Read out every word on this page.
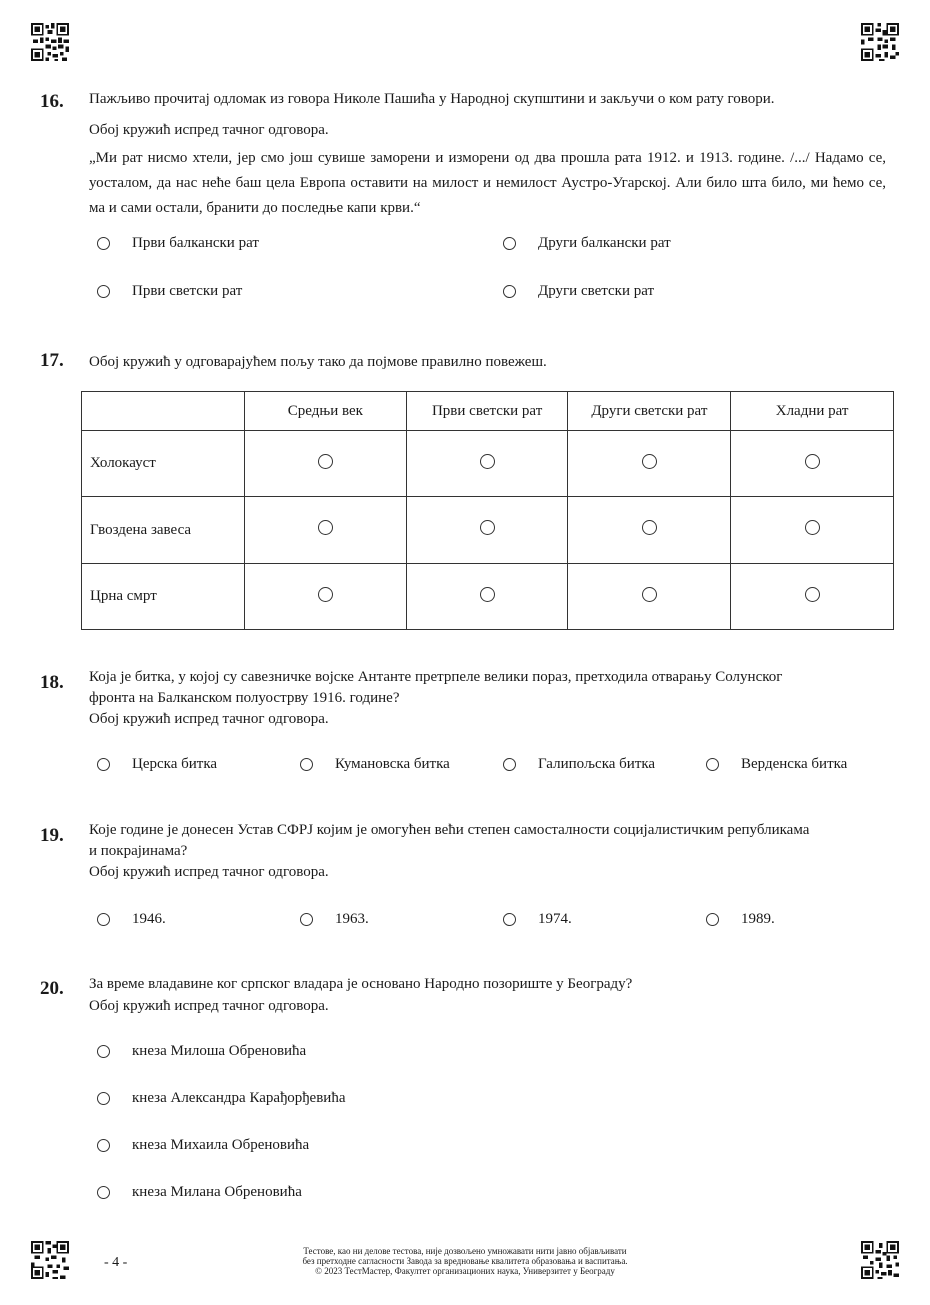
16. Пажљиво прочитај одломак из говора Николе Пашића у Народној скупштини и закључи о ком рату говори.
Обој кружић испред тачног одговора.
„Ми рат нисмо хтели, јер смо још сувише заморени и изморени од два прошла рата 1912. и 1913. године. /.../ Надамо се, уосталом, да нас неће баш цела Европа оставити на милост и немилост Аустро-Угарској. Али било шта било, ми ћемо се, ма и сами остали, бранити до последње капи крви.“
Први балкански рат	Други балкански рат
Први светски рат	Други светски рат
17. Обој кружић у одговарајућем пољу тако да појмове правилно повежеш.
	Средњи век	Први светски рат	Други светски рат	Хладни рат
Холокауст				
Гвоздена завеса				
Црна смрт				
18. Која је битка, у којој су савезничке војске Антанте претрпеле велики пораз, претходила отварању Солунског
фронта на Балканском полуострву 1916. године?
Обој кружић испред тачног одговора.
Церска битка	Кумановска битка	Галипољска битка	Верденска битка
19. Које године је донесен Устав СФРЈ којим је омогућен већи степен самосталности социјалистичким републикама
и покрајинама?
Обој кружић испред тачног одговора.
1946.	1963.	1974.	1989.
20. За време владавине ког српског владара је основано Народно позориште у Београду?
Обој кружић испред тачног одговора.
кнеза Милоша Обреновића
кнеза Александра Карађорђевића
кнеза Михаила Обреновића
кнеза Милана Обреновића
- 4 -
Тестове, као ни делове тестова, није дозвољено умножавати нити јавно објављивати
без претходне сагласности Завода за вредновање квалитета образовања и васпитања.
© 2023 ТестМастер, Факултет организационих наука, Универзитет у Београду
